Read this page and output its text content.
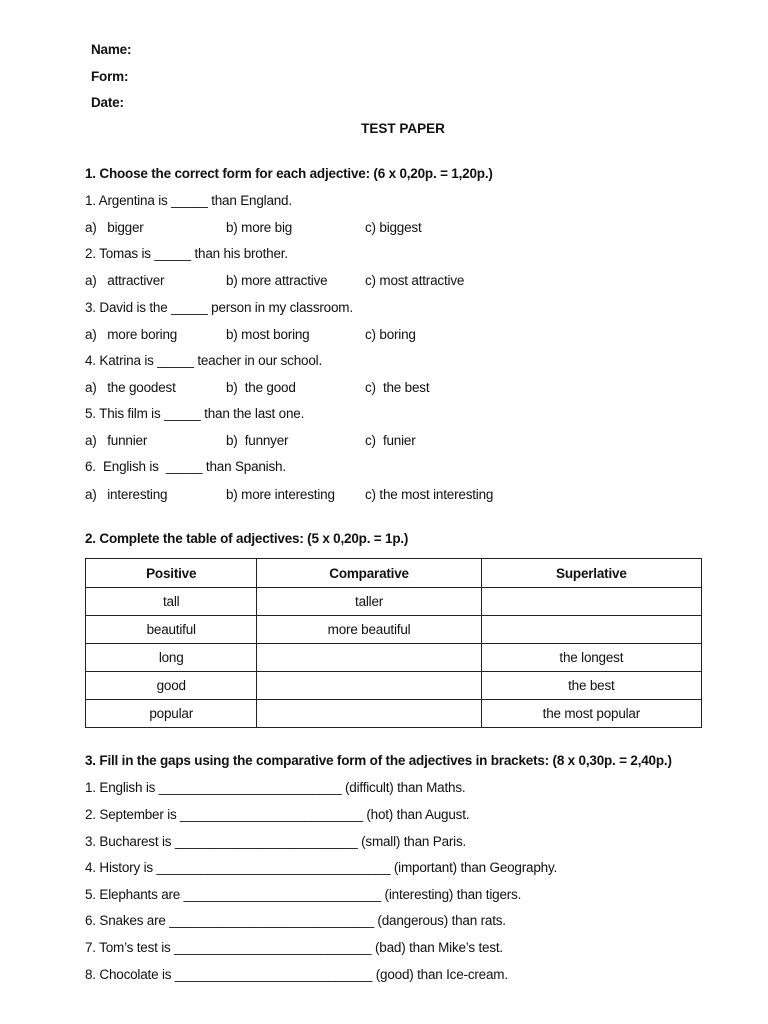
Name:
Form:
Date:
TEST PAPER
1. Choose the correct form for each adjective: (6 x 0,20p. = 1,20p.)
1. Argentina is _____ than England.
a)   bigger	b) more big	c) biggest
2. Tomas is _____ than his brother.
a)   attractiver	b) more attractive	c) most attractive
3. David is the _____ person in my classroom.
a)   more boring	b) most boring	c) boring
4. Katrina is _____ teacher in our school.
a)   the goodest	b)  the good	c)  the best
5. This film is _____ than the last one.
a)   funnier	b)  funnyer	c)  funier
6.  English is  _____ than Spanish.
a)   interesting	b) more interesting c) the most interesting
2. Complete the table of adjectives: (5 x 0,20p. = 1p.)
Positive	Comparative	Superlative
tall	taller	
beautiful	more beautiful	
long		the longest
good		the best
popular		the most popular
3. Fill in the gaps using the comparative form of the adjectives in brackets: (8 x 0,30p. = 2,40p.)
1. English is _________________________ (difficult) than Maths.
2. September is _________________________ (hot) than August.
3. Bucharest is _________________________ (small) than Paris.
4. History is ________________________________ (important) than Geography.
5. Elephants are ___________________________ (interesting) than tigers.
6. Snakes are ____________________________ (dangerous) than rats.
7. Tom’s test is ___________________________ (bad) than Mike’s test.
8. Chocolate is ___________________________ (good) than Ice-cream.
